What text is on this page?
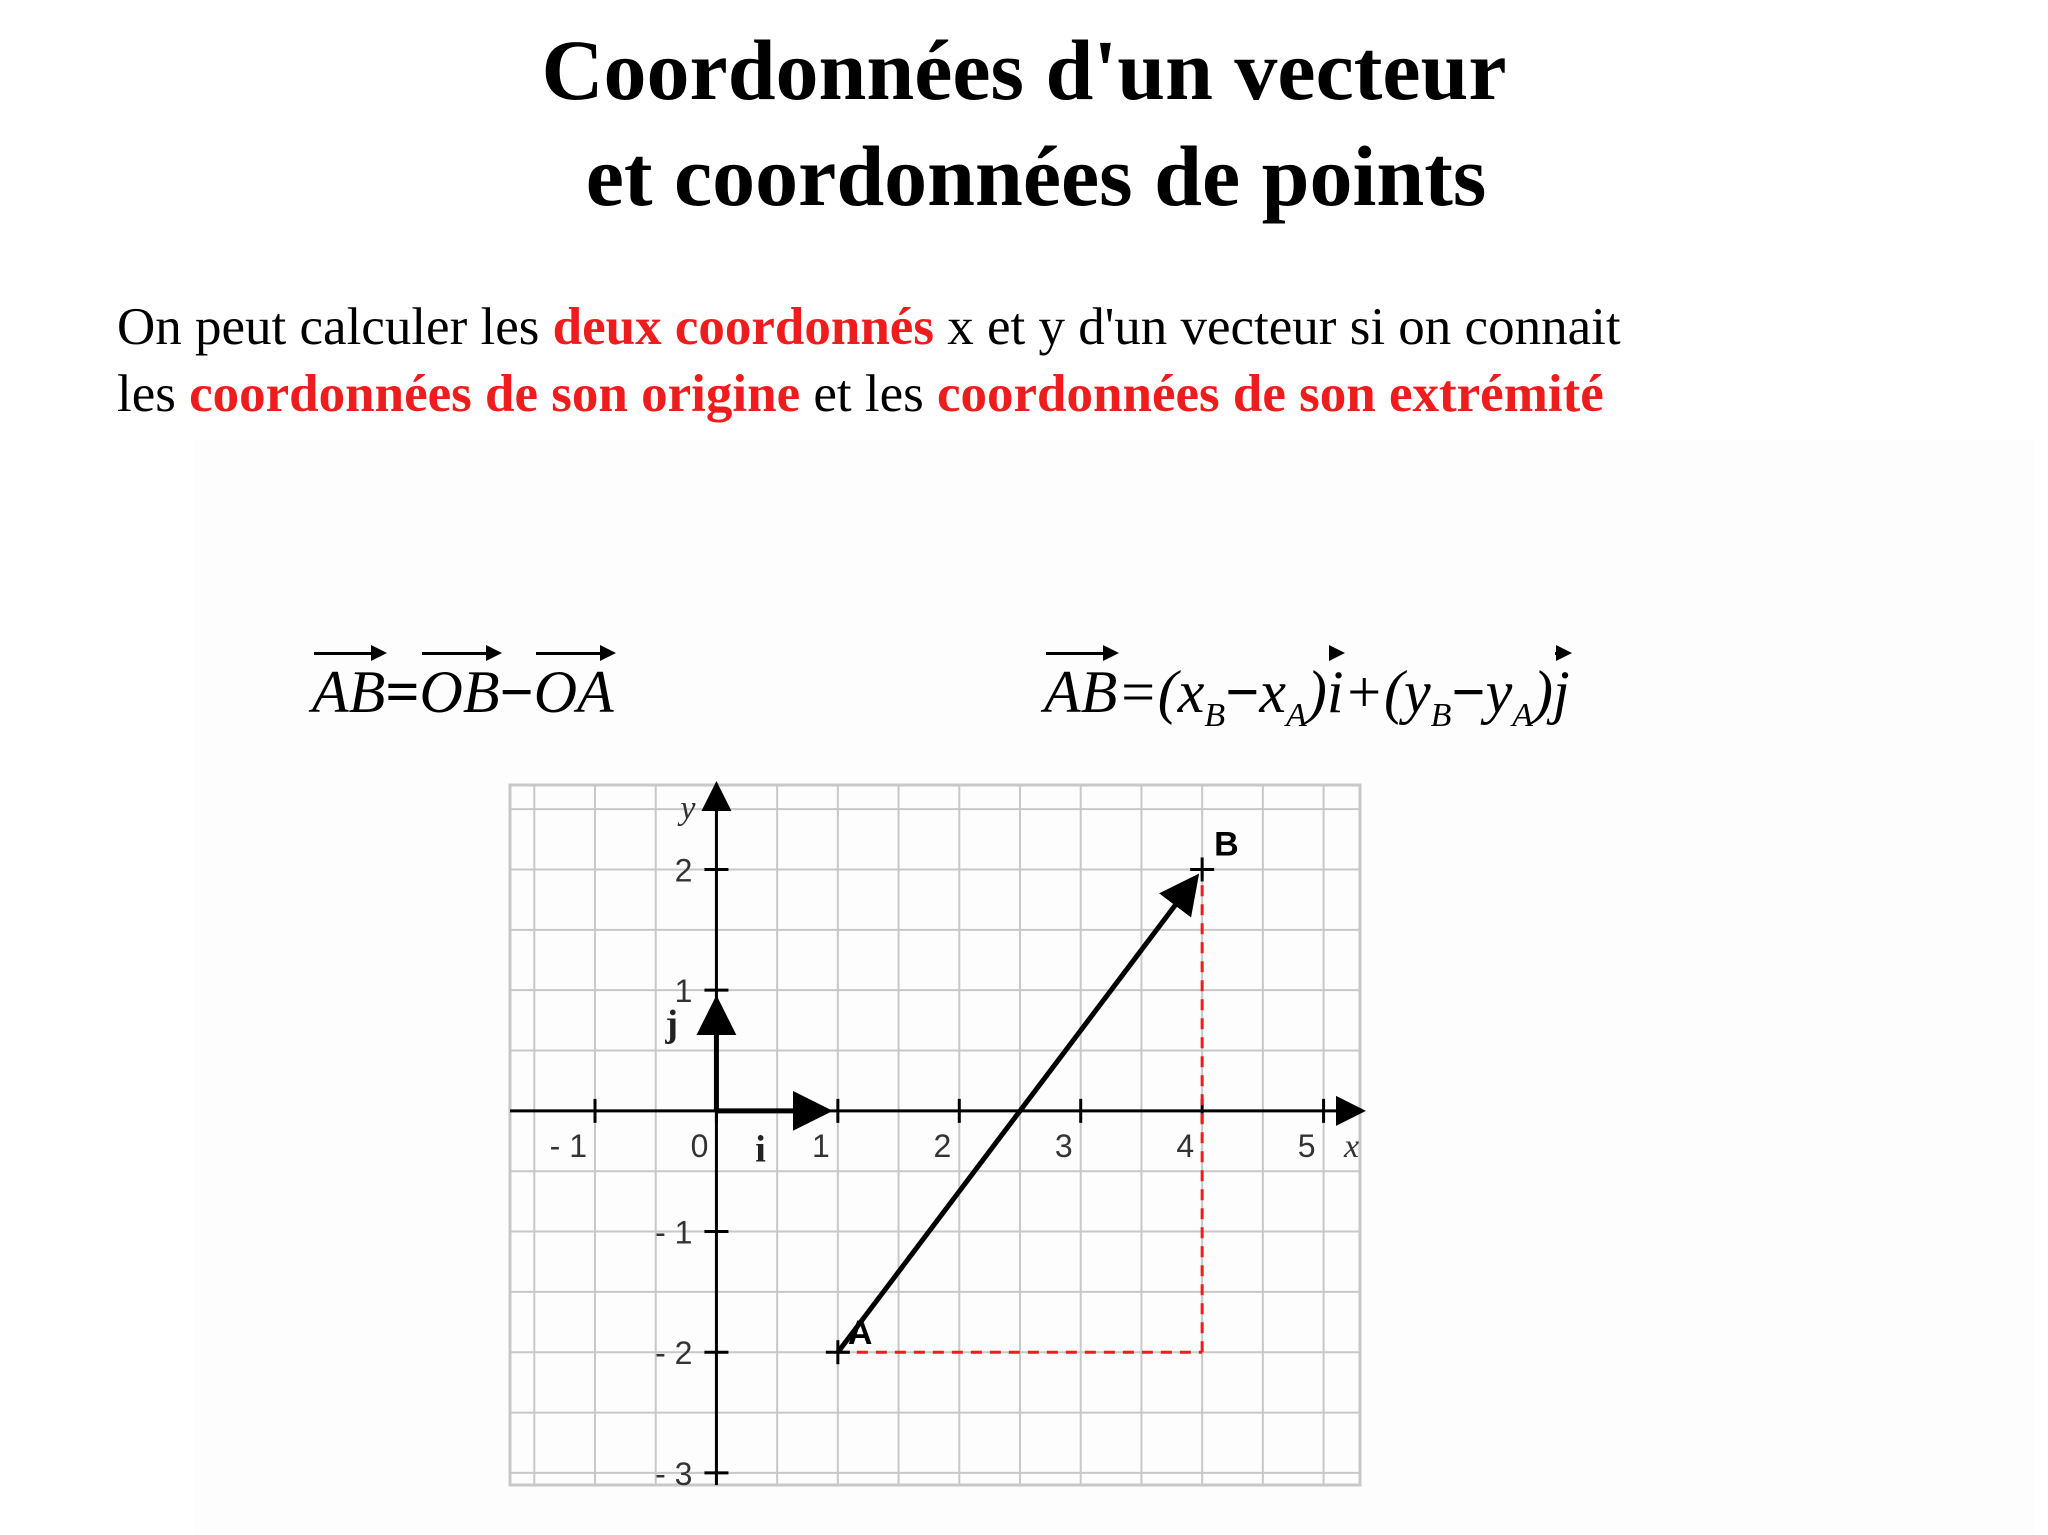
Coordonnées d'un vecteur
et coordonnées de points
On peut calculer les deux coordonnés x et y d'un vecteur si on connait
les coordonnées de son origine et les coordonnées de son extrémité
AB=OB−OA	$AB=(x_B-x_A)i+(y_B-y_A)j$
- 1	0	1	2	3	4	5
2
1
- 1
- 2
- 3
x
y
i
j
A
B
